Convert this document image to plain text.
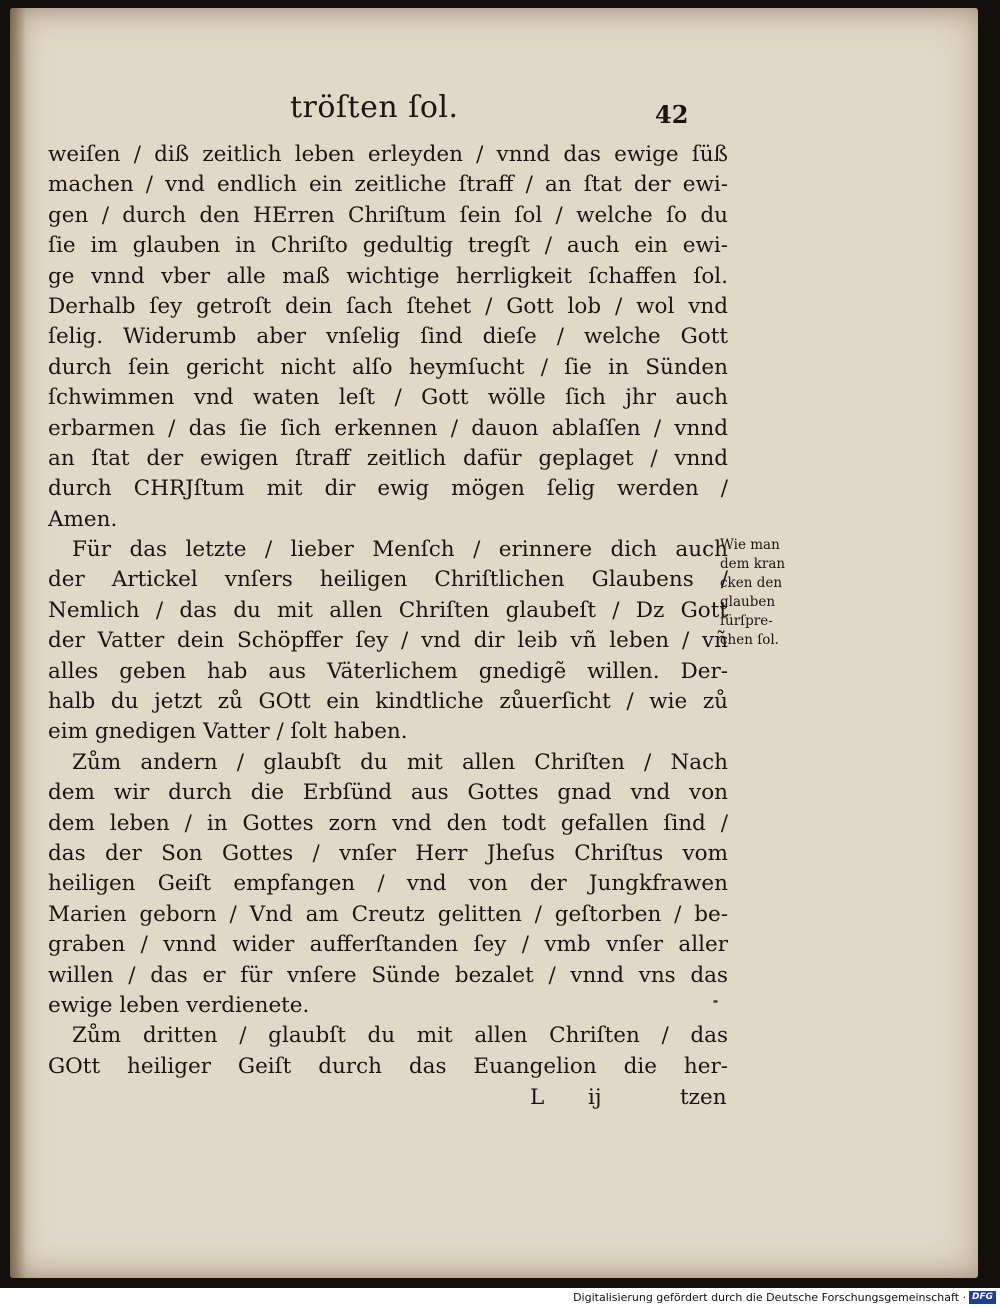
tröſten ſol.	42
weiſen / diß zeitlich leben erleyden / vnnd das ewige ſüß
machen / vnd endlich ein zeitliche ſtraff / an ſtat der ewi-
gen / durch den HErren Chriſtum ſein ſol / welche ſo du
ſie im glauben in Chriſto gedultig tregſt / auch ein ewi-
ge vnnd vber alle maß wichtige herrligkeit ſchaffen ſol.
Derhalb ſey getroſt dein ſach ſtehet / Gott lob / wol vnd
ſelig. Widerumb aber vnſelig ſind dieſe / welche Gott
durch ſein gericht nicht alſo heymſucht / ſie in Sünden
ſchwimmen vnd waten leſt / Gott wölle ſich jhr auch
erbarmen / das ſie ſich erkennen / dauon ablaſſen / vnnd
an ſtat der ewigen ſtraff zeitlich dafür geplaget / vnnd
durch CHRJſtum mit dir ewig mögen ſelig werden /
Amen.
Für das letzte / lieber Menſch / erinnere dich auch
der Artickel vnſers heiligen Chriſtlichen Glaubens /
Nemlich / das du mit allen Chriſten glaubeſt / Dz Gott
der Vatter dein Schöpffer ſey / vnd dir leib vñ leben / vñ
alles geben hab aus Väterlichem gnedigẽ willen. Der-
halb du jetzt zů GOtt ein kindtliche zůuerſicht / wie zů
eim gnedigen Vatter / ſolt haben.
Zům andern / glaubſt du mit allen Chriſten / Nach
dem wir durch die Erbſünd aus Gottes gnad vnd von
dem leben / in Gottes zorn vnd den todt gefallen ſind /
das der Son Gottes / vnſer Herr Jheſus Chriſtus vom
heiligen Geiſt empfangen / vnd von der Jungkfrawen
Marien geborn / Vnd am Creutz gelitten / geſtorben / be-
graben / vnnd wider aufferſtanden ſey / vmb vnſer aller
willen / das er für vnſere Sünde bezalet / vnnd vns das
ewige leben verdienete.
Zům dritten / glaubſt du mit allen Chriſten / das
GOtt heiliger Geiſt durch das Euangelion die her-
Wie man
dem kran
cken den
glauben
fürſpre-
chen ſol.
L ij	tzen
Digitalisierung gefördert durch die Deutsche Forschungsgemeinschaft · DFG
